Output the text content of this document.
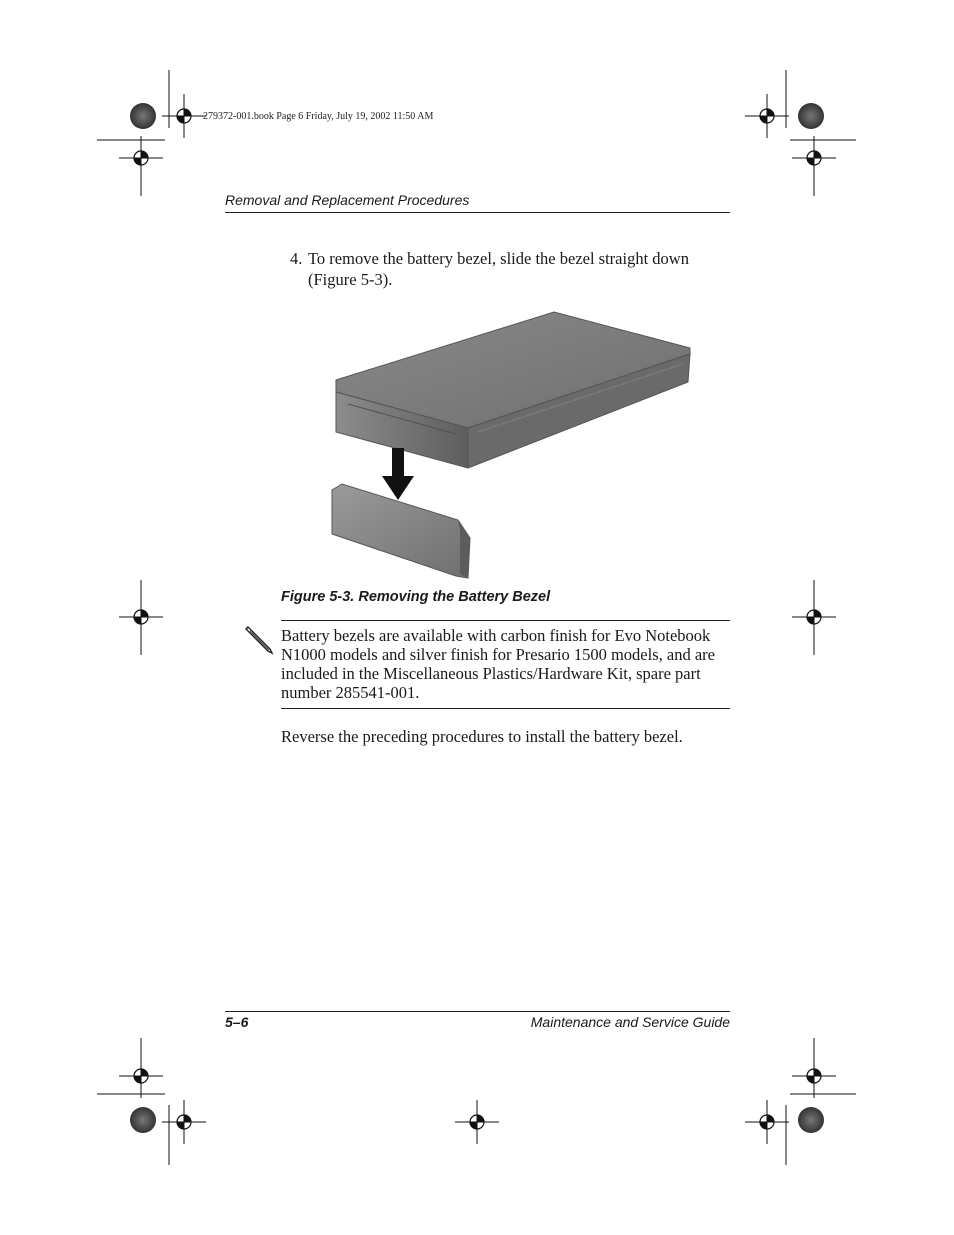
279372-001.book Page 6 Friday, July 19, 2002 11:50 AM
Removal and Replacement Procedures
4. To remove the battery bezel, slide the bezel straight down (Figure 5-3).
Figure 5-3. Removing the Battery Bezel
Battery bezels are available with carbon finish for Evo Notebook N1000 models and silver finish for Presario 1500 models, and are included in the Miscellaneous Plastics/Hardware Kit, spare part number 285541-001.
Reverse the preceding procedures to install the battery bezel.
5–6	Maintenance and Service Guide
